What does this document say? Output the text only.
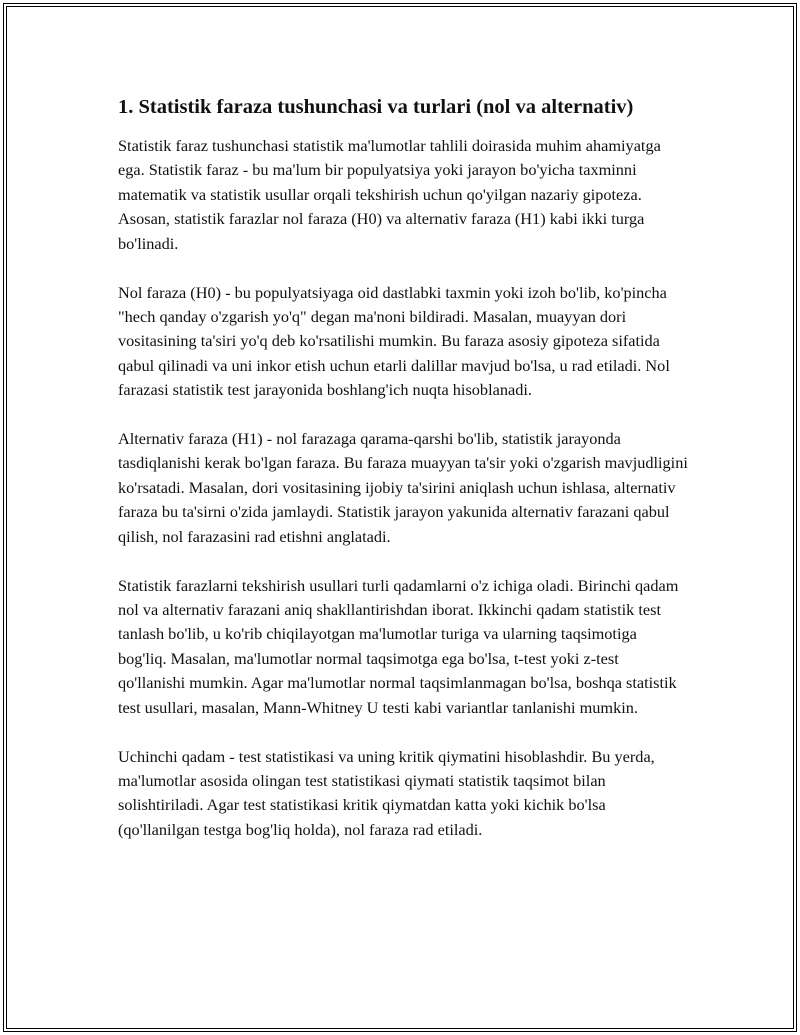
1. Statistik faraza tushunchasi va turlari (nol va alternativ)

Statistik faraz tushunchasi statistik ma'lumotlar tahlili doirasida muhim ahamiyatga ega. Statistik faraz - bu ma'lum bir populyatsiya yoki jarayon bo'yicha taxminni matematik va statistik usullar orqali tekshirish uchun qo'yilgan nazariy gipoteza. Asosan, statistik farazlar nol faraza (H0) va alternativ faraza (H1) kabi ikki turga bo'linadi.

Nol faraza (H0) - bu populyatsiyaga oid dastlabki taxmin yoki izoh bo'lib, ko'pincha "hech qanday o'zgarish yo'q" degan ma'noni bildiradi. Masalan, muayyan dori vositasining ta'siri yo'q deb ko'rsatilishi mumkin. Bu faraza asosiy gipoteza sifatida qabul qilinadi va uni inkor etish uchun etarli dalillar mavjud bo'lsa, u rad etiladi. Nol farazasi statistik test jarayonida boshlang'ich nuqta hisoblanadi.

Alternativ faraza (H1) - nol farazaga qarama-qarshi bo'lib, statistik jarayonda tasdiqlanishi kerak bo'lgan faraza. Bu faraza muayyan ta'sir yoki o'zgarish mavjudligini ko'rsatadi. Masalan, dori vositasining ijobiy ta'sirini aniqlash uchun ishlasa, alternativ faraza bu ta'sirni o'zida jamlaydi. Statistik jarayon yakunida alternativ farazani qabul qilish, nol farazasini rad etishni anglatadi.

Statistik farazlarni tekshirish usullari turli qadamlarni o'z ichiga oladi. Birinchi qadam nol va alternativ farazani aniq shakllantirishdan iborat. Ikkinchi qadam statistik test tanlash bo'lib, u ko'rib chiqilayotgan ma'lumotlar turiga va ularning taqsimotiga bog'liq. Masalan, ma'lumotlar normal taqsimotga ega bo'lsa, t-test yoki z-test qo'llanishi mumkin. Agar ma'lumotlar normal taqsimlanmagan bo'lsa, boshqa statistik test usullari, masalan, Mann-Whitney U testi kabi variantlar tanlanishi mumkin.

Uchinchi qadam - test statistikasi va uning kritik qiymatini hisoblashdir. Bu yerda, ma'lumotlar asosida olingan test statistikasi qiymati statistik taqsimot bilan solishtiriladi. Agar test statistikasi kritik qiymatdan katta yoki kichik bo'lsa (qo'llanilgan testga bog'liq holda), nol faraza rad etiladi.
